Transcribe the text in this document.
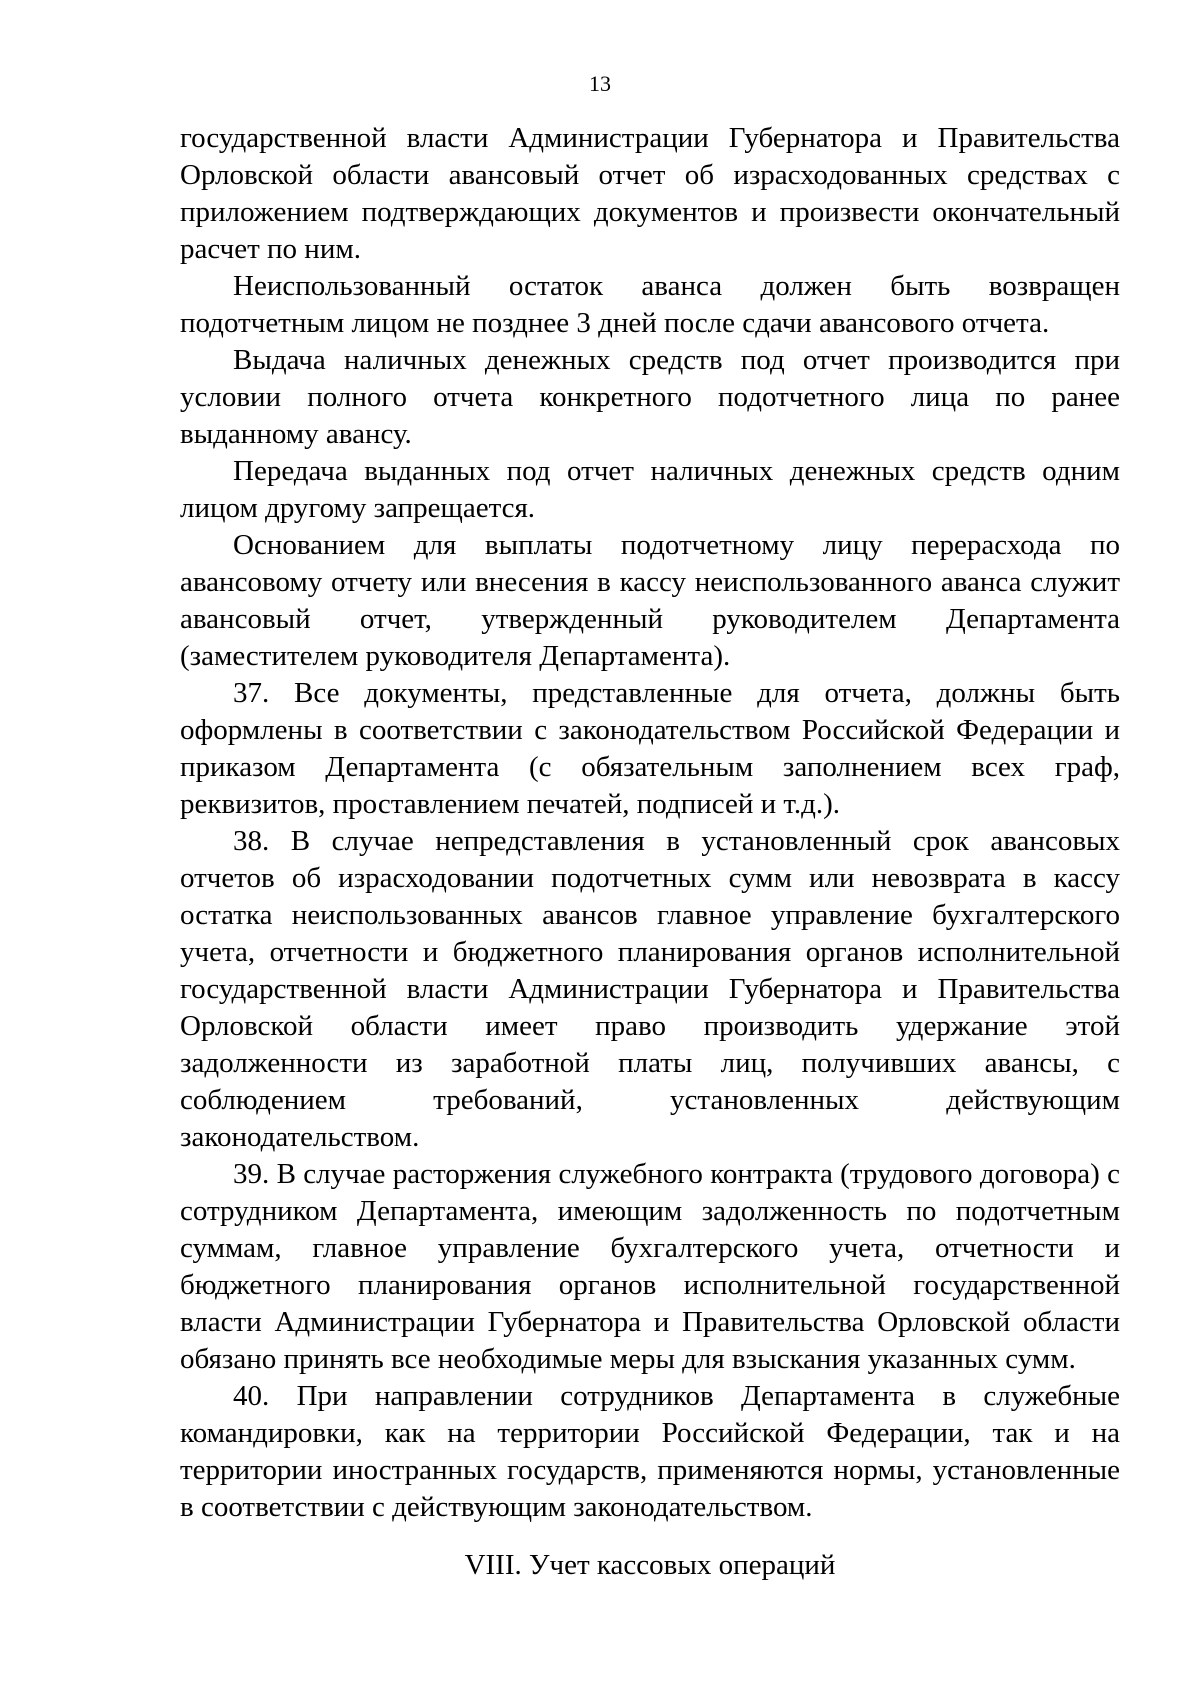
13

государственной власти Администрации Губернатора и Правительства Орловской области авансовый отчет об израсходованных средствах с приложением подтверждающих документов и произвести окончательный расчет по ним.

Неиспользованный остаток аванса должен быть возвращен подотчетным лицом не позднее 3 дней после сдачи авансового отчета.

Выдача наличных денежных средств под отчет производится при условии полного отчета конкретного подотчетного лица по ранее выданному авансу.

Передача выданных под отчет наличных денежных средств одним лицом другому запрещается.

Основанием для выплаты подотчетному лицу перерасхода по авансовому отчету или внесения в кассу неиспользованного аванса служит авансовый отчет, утвержденный руководителем Департамента (заместителем руководителя Департамента).

37. Все документы, представленные для отчета, должны быть оформлены в соответствии с законодательством Российской Федерации и приказом Департамента (с обязательным заполнением всех граф, реквизитов, проставлением печатей, подписей и т.д.).

38. В случае непредставления в установленный срок авансовых отчетов об израсходовании подотчетных сумм или невозврата в кассу остатка неиспользованных авансов главное управление бухгалтерского учета, отчетности и бюджетного планирования органов исполнительной государственной власти Администрации Губернатора и Правительства Орловской области имеет право производить удержание этой задолженности из заработной платы лиц, получивших авансы, с соблюдением требований, установленных действующим законодательством.

39. В случае расторжения служебного контракта (трудового договора) с сотрудником Департамента, имеющим задолженность по подотчетным суммам, главное управление бухгалтерского учета, отчетности и бюджетного планирования органов исполнительной государственной власти Администрации Губернатора и Правительства Орловской области обязано принять все необходимые меры для взыскания указанных сумм.

40. При направлении сотрудников Департамента в служебные командировки, как на территории Российской Федерации, так и на территории иностранных государств, применяются нормы, установленные в соответствии с действующим законодательством.

VIII. Учет кассовых операций
